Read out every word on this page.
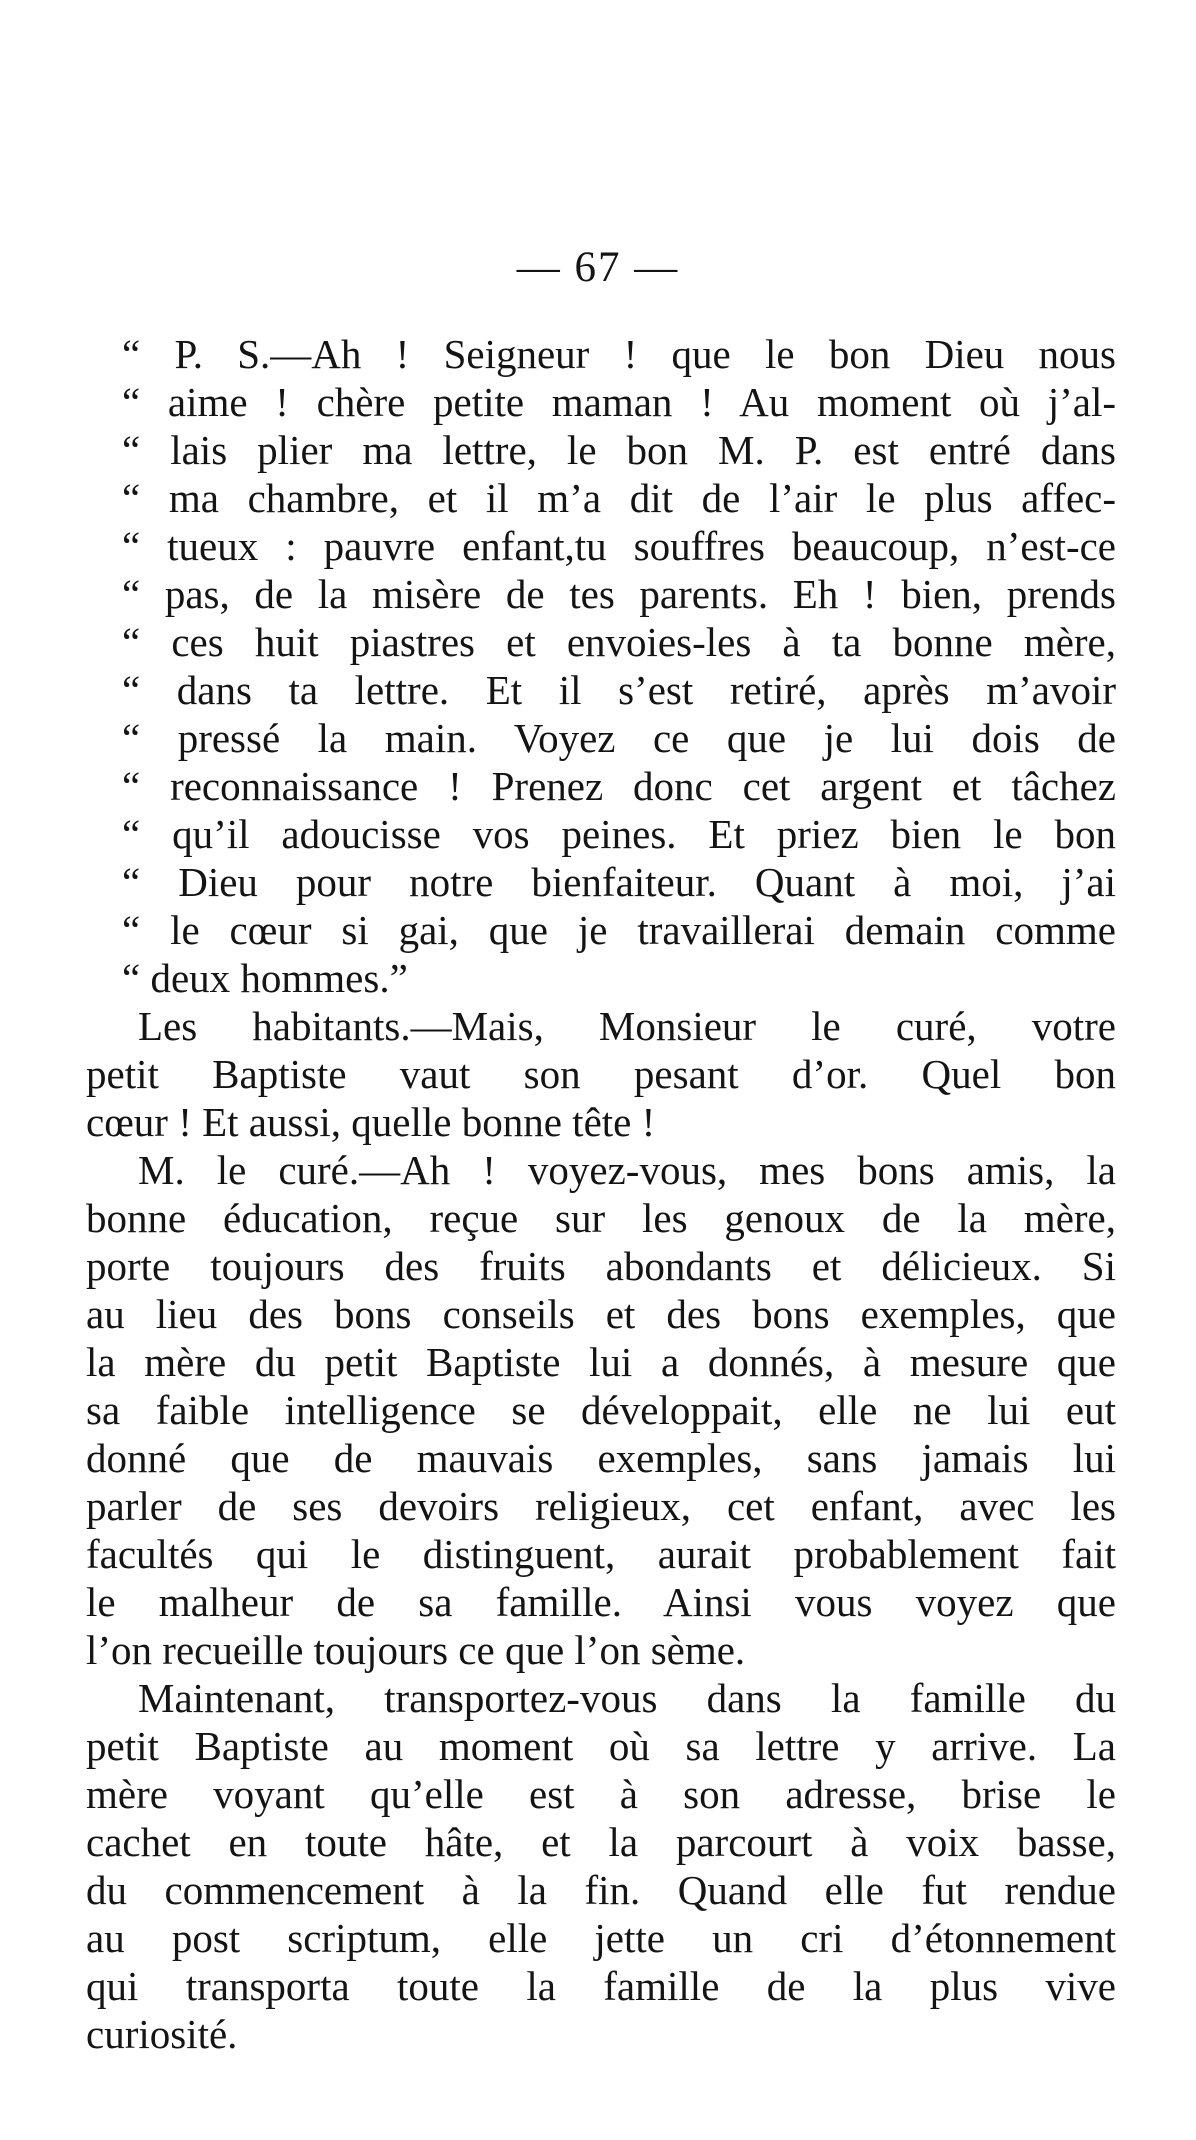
— 67 —
“ P. S.—Ah ! Seigneur ! que le bon Dieu nous
“ aime ! chère petite maman ! Au moment où j’al-
“ lais plier ma lettre, le bon M. P. est entré dans
“ ma chambre, et il m’a dit de l’air le plus affec-
“ tueux : pauvre enfant,tu souffres beaucoup, n’est-ce
“ pas, de la misère de tes parents. Eh ! bien, prends
“ ces huit piastres et envoies-les à ta bonne mère,
“ dans ta lettre. Et il s’est retiré, après m’avoir
“ pressé la main. Voyez ce que je lui dois de
“ reconnaissance ! Prenez donc cet argent et tâchez
“ qu’il adoucisse vos peines. Et priez bien le bon
“ Dieu pour notre bienfaiteur. Quant à moi, j’ai
“ le cœur si gai, que je travaillerai demain comme
“ deux hommes.”
Les habitants.—Mais, Monsieur le curé, votre
petit Baptiste vaut son pesant d’or. Quel bon
cœur ! Et aussi, quelle bonne tête !
M. le curé.—Ah ! voyez-vous, mes bons amis, la
bonne éducation, reçue sur les genoux de la mère,
porte toujours des fruits abondants et délicieux. Si
au lieu des bons conseils et des bons exemples, que
la mère du petit Baptiste lui a donnés, à mesure que
sa faible intelligence se développait, elle ne lui eut
donné que de mauvais exemples, sans jamais lui
parler de ses devoirs religieux, cet enfant, avec les
facultés qui le distinguent, aurait probablement fait
le malheur de sa famille. Ainsi vous voyez que
l’on recueille toujours ce que l’on sème.
Maintenant, transportez-vous dans la famille du
petit Baptiste au moment où sa lettre y arrive. La
mère voyant qu’elle est à son adresse, brise le
cachet en toute hâte, et la parcourt à voix basse,
du commencement à la fin. Quand elle fut rendue
au post scriptum, elle jette un cri d’étonnement
qui transporta toute la famille de la plus vive
curiosité.
